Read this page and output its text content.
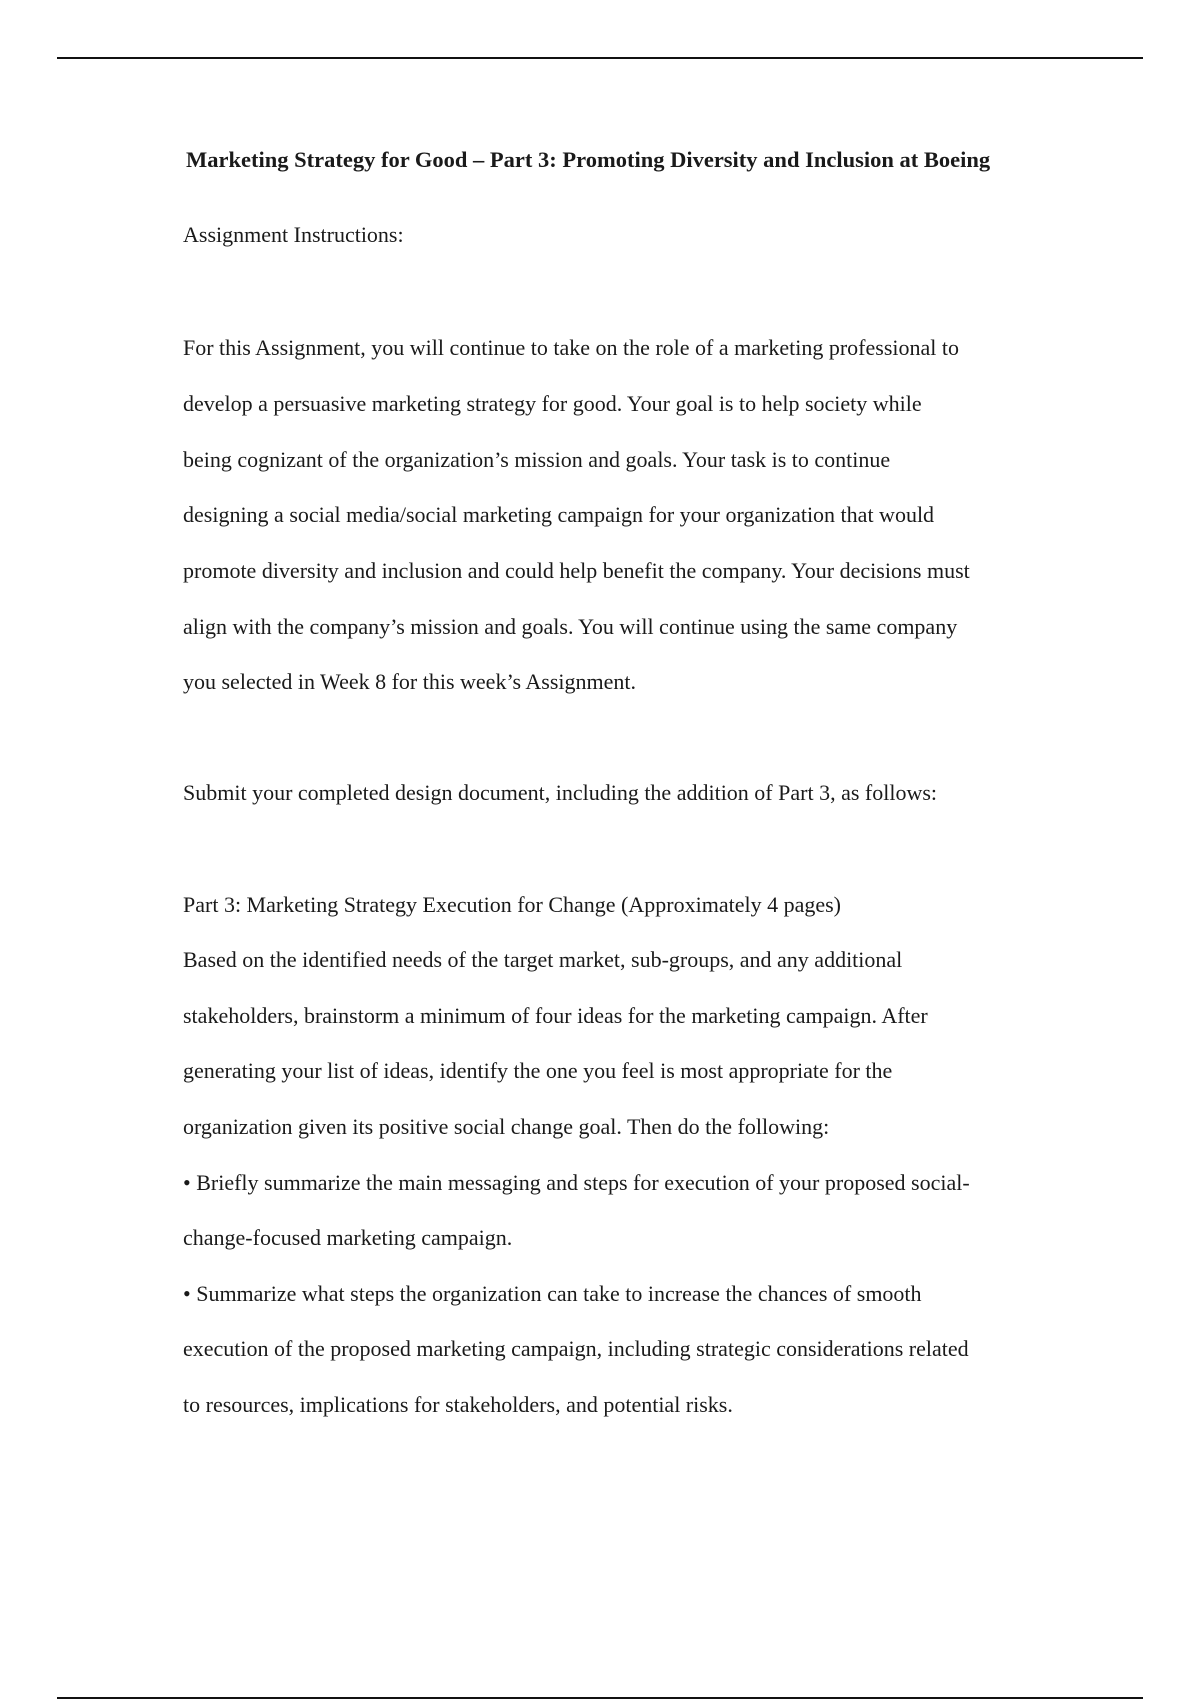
Marketing Strategy for Good – Part 3: Promoting Diversity and Inclusion at Boeing
Assignment Instructions:
For this Assignment, you will continue to take on the role of a marketing professional to
develop a persuasive marketing strategy for good. Your goal is to help society while
being cognizant of the organization’s mission and goals. Your task is to continue
designing a social media/social marketing campaign for your organization that would
promote diversity and inclusion and could help benefit the company. Your decisions must
align with the company’s mission and goals. You will continue using the same company
you selected in Week 8 for this week’s Assignment.
Submit your completed design document, including the addition of Part 3, as follows:
Part 3: Marketing Strategy Execution for Change (Approximately 4 pages)
Based on the identified needs of the target market, sub-groups, and any additional
stakeholders, brainstorm a minimum of four ideas for the marketing campaign. After
generating your list of ideas, identify the one you feel is most appropriate for the
organization given its positive social change goal. Then do the following:
• Briefly summarize the main messaging and steps for execution of your proposed social-
change-focused marketing campaign.
• Summarize what steps the organization can take to increase the chances of smooth
execution of the proposed marketing campaign, including strategic considerations related
to resources, implications for stakeholders, and potential risks.
